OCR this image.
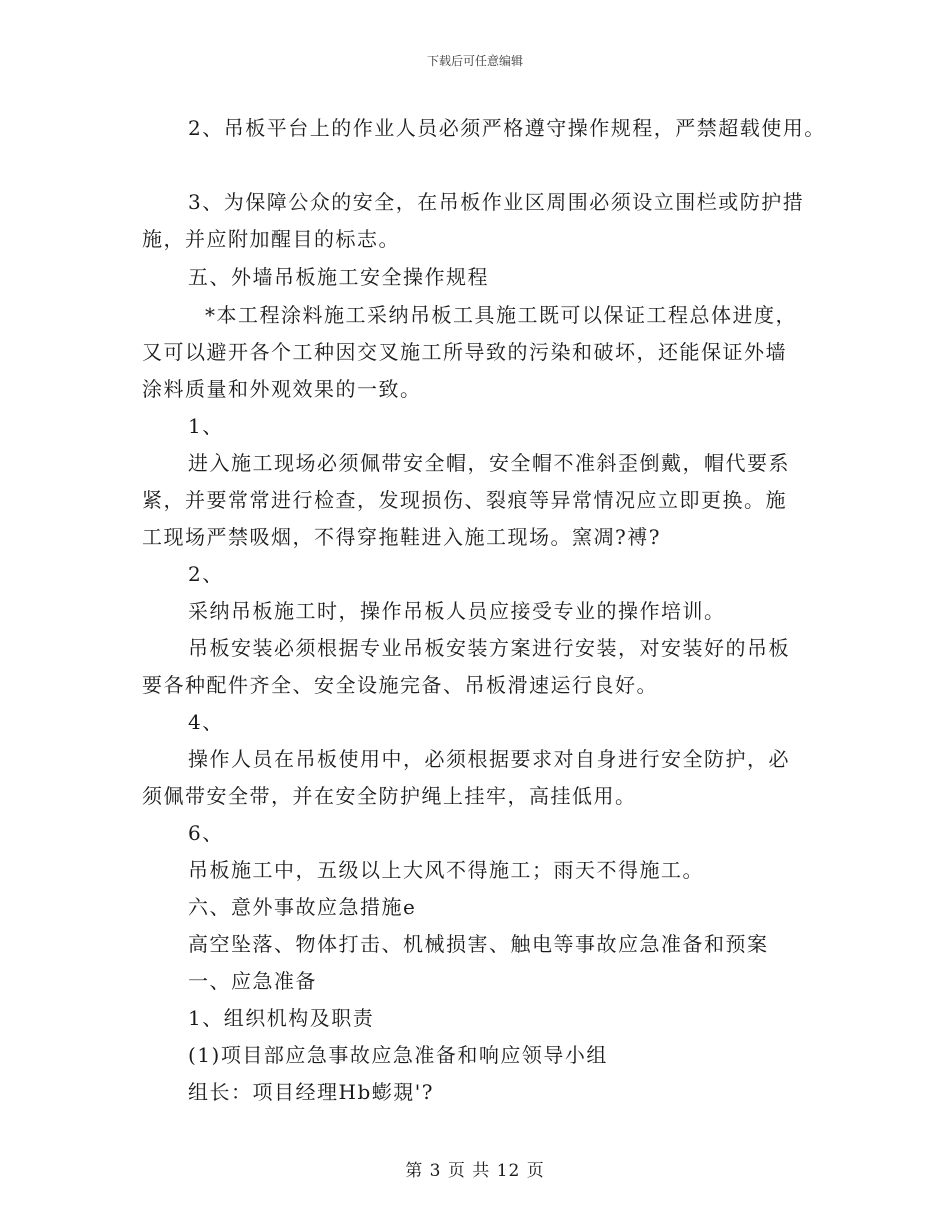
下载后可任意编辑
2、吊板平台上的作业人员必须严格遵守操作规程，严禁超载使用。
3、为保障公众的安全，在吊板作业区周围必须设立围栏或防护措
施，并应附加醒目的标志。
五、外墙吊板施工安全操作规程
*本工程涂料施工采纳吊板工具施工既可以保证工程总体进度，
又可以避开各个工种因交叉施工所导致的污染和破坏，还能保证外墙
涂料质量和外观效果的一致。
1、
进入施工现场必须佩带安全帽，安全帽不准斜歪倒戴，帽代要系
紧，并要常常进行检查，发现损伤、裂痕等异常情况应立即更换。施
工现场严禁吸烟，不得穿拖鞋进入施工现场。窯凋?禣?
2、
采纳吊板施工时，操作吊板人员应接受专业的操作培训。
吊板安装必须根据专业吊板安装方案进行安装，对安装好的吊板
要各种配件齐全、安全设施完备、吊板滑速运行良好。
4、
操作人员在吊板使用中，必须根据要求对自身进行安全防护，必
须佩带安全带，并在安全防护绳上挂牢，高挂低用。
6、
吊板施工中，五级以上大风不得施工；雨天不得施工。
六、意外事故应急措施e
高空坠落、物体打击、机械损害、触电等事故应急准备和预案
一、应急准备
1、组织机构及职责
(1)项目部应急事故应急准备和响应领导小组
组长：项目经理Hb蟛覝'?
第 3 页 共 12 页
